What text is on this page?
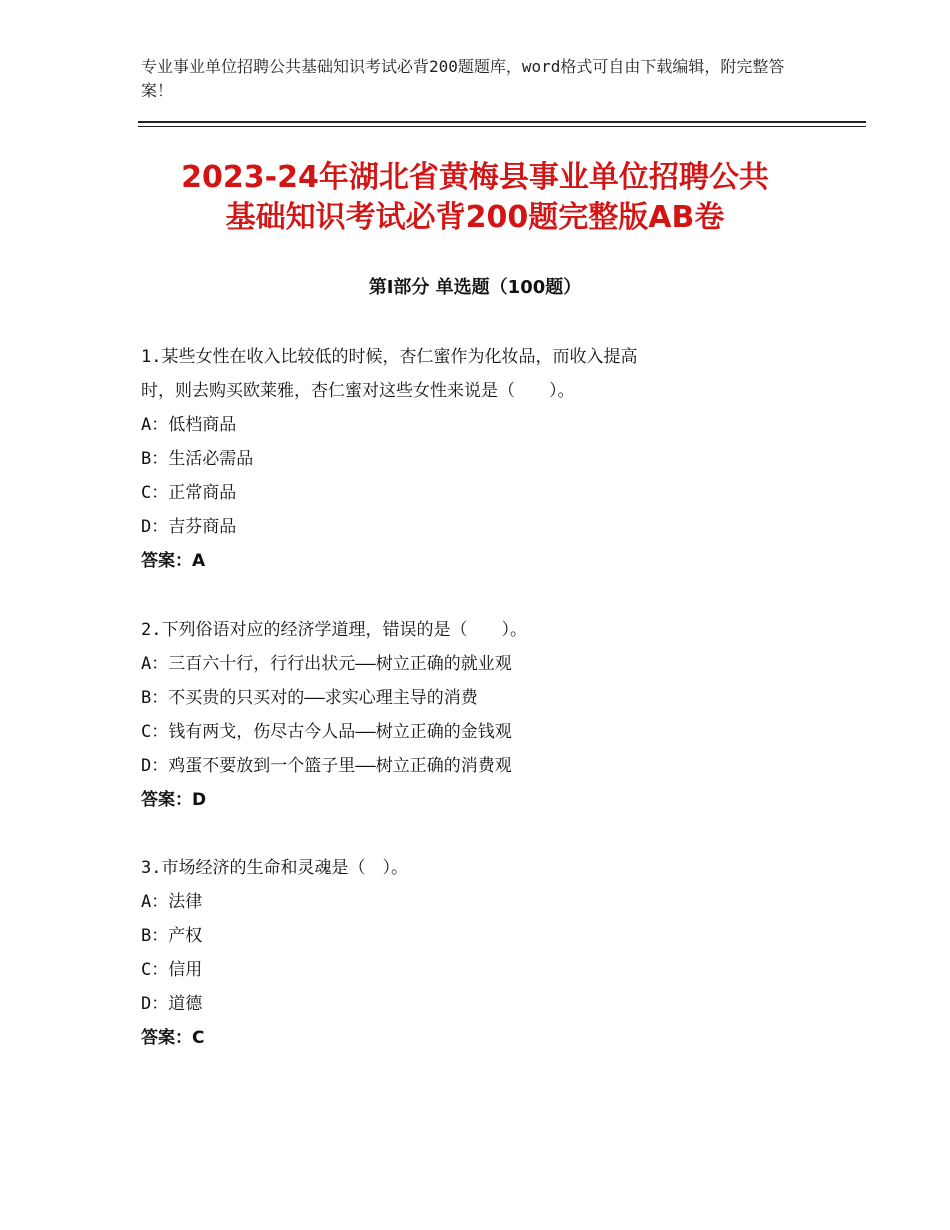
专业事业单位招聘公共基础知识考试必背200题题库，word格式可自由下载编辑，附完整答案！
2023-24年湖北省黄梅县事业单位招聘公共
基础知识考试必背200题完整版AB卷
第Ⅰ部分 单选题（100题）
1.某些女性在收入比较低的时候，杏仁蜜作为化妆品，而收入提高
时，则去购买欧莱雅，杏仁蜜对这些女性来说是（　　）。
A：低档商品
B：生活必需品
C：正常商品
D：吉芬商品
答案：A
2.下列俗语对应的经济学道理，错误的是（　　）。
A：三百六十行，行行出状元——树立正确的就业观
B：不买贵的只买对的——求实心理主导的消费
C：钱有两戈，伤尽古今人品——树立正确的金钱观
D：鸡蛋不要放到一个篮子里——树立正确的消费观
答案：D
3.市场经济的生命和灵魂是（　）。
A：法律
B：产权
C：信用
D：道德
答案：C
